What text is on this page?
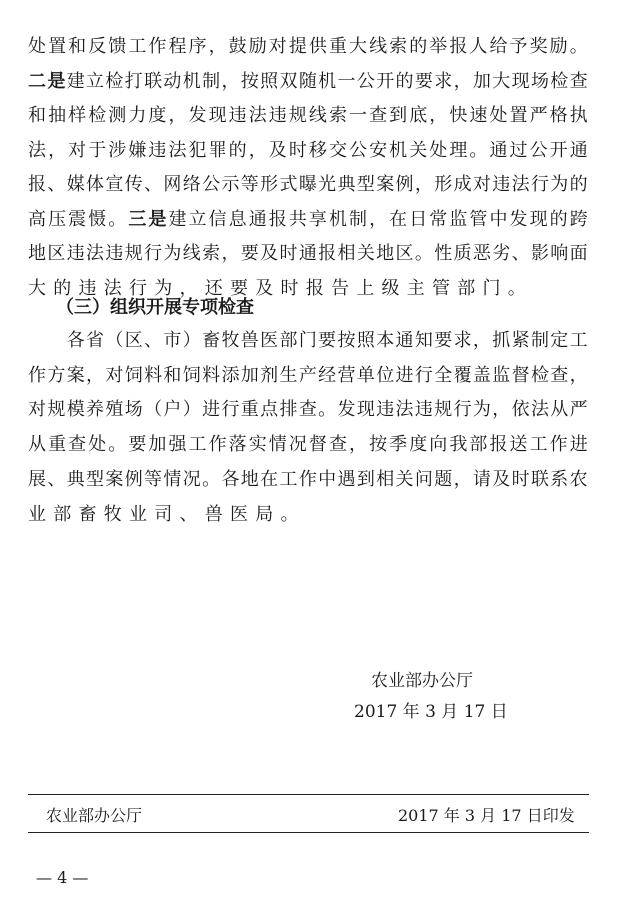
处 置 和 反 馈 工 作 程 序 ， 鼓 励 对 提 供 重 大 线 索 的 举 报 人 给 予 奖 励 。
二 是 建 立 检 打 联 动 机 制 ， 按 照 双 随 机 一 公 开 的 要 求 ， 加 大 现 场 检 查
和 抽 样 检 测 力 度 ， 发 现 违 法 违 规 线 索 一 查 到 底 ， 快 速 处 置 严 格 执
法 ， 对 于 涉 嫌 违 法 犯 罪 的 ， 及 时 移 交 公 安 机 关 处 理 。 通 过 公 开 通
报 、 媒 体 宣 传 、 网 络 公 示 等 形 式 曝 光 典 型 案 例 ， 形 成 对 违 法 行 为 的
高 压 震 慑 。 三 是 建 立 信 息 通 报 共 享 机 制 ， 在 日 常 监 管 中 发 现 的 跨
地 区 违 法 违 规 行 为 线 索 ， 要 及 时 通 报 相 关 地 区 。 性 质 恶 劣 、 影 响 面
大 的 违 法 行 为 ， 还 要 及 时 报 告 上 级 主 管 部 门 。
（三）组织开展专项检查

各 省 （ 区 、 市 ） 畜 牧 兽 医 部 门 要 按 照 本 通 知 要 求 ， 抓 紧 制 定 工
作 方 案 ， 对 饲 料 和 饲 料 添 加 剂 生 产 经 营 单 位 进 行 全 覆 盖 监 督 检 查 ，
对 规 模 养 殖 场 （ 户 ） 进 行 重 点 排 查 。 发 现 违 法 违 规 行 为 ， 依 法 从 严
从 重 查 处 。 要 加 强 工 作 落 实 情 况 督 查 ， 按 季 度 向 我 部 报 送 工 作 进
展 、 典 型 案 例 等 情 况 。 各 地 在 工 作 中 遇 到 相 关 问 题 ， 请 及 时 联 系 农
业 部 畜 牧 业 司 、 兽 医 局 。
农业部办公厅
2017 年 3 月 17 日
农业部办公厅	2017 年 3 月 17 日印发
— 4 —
